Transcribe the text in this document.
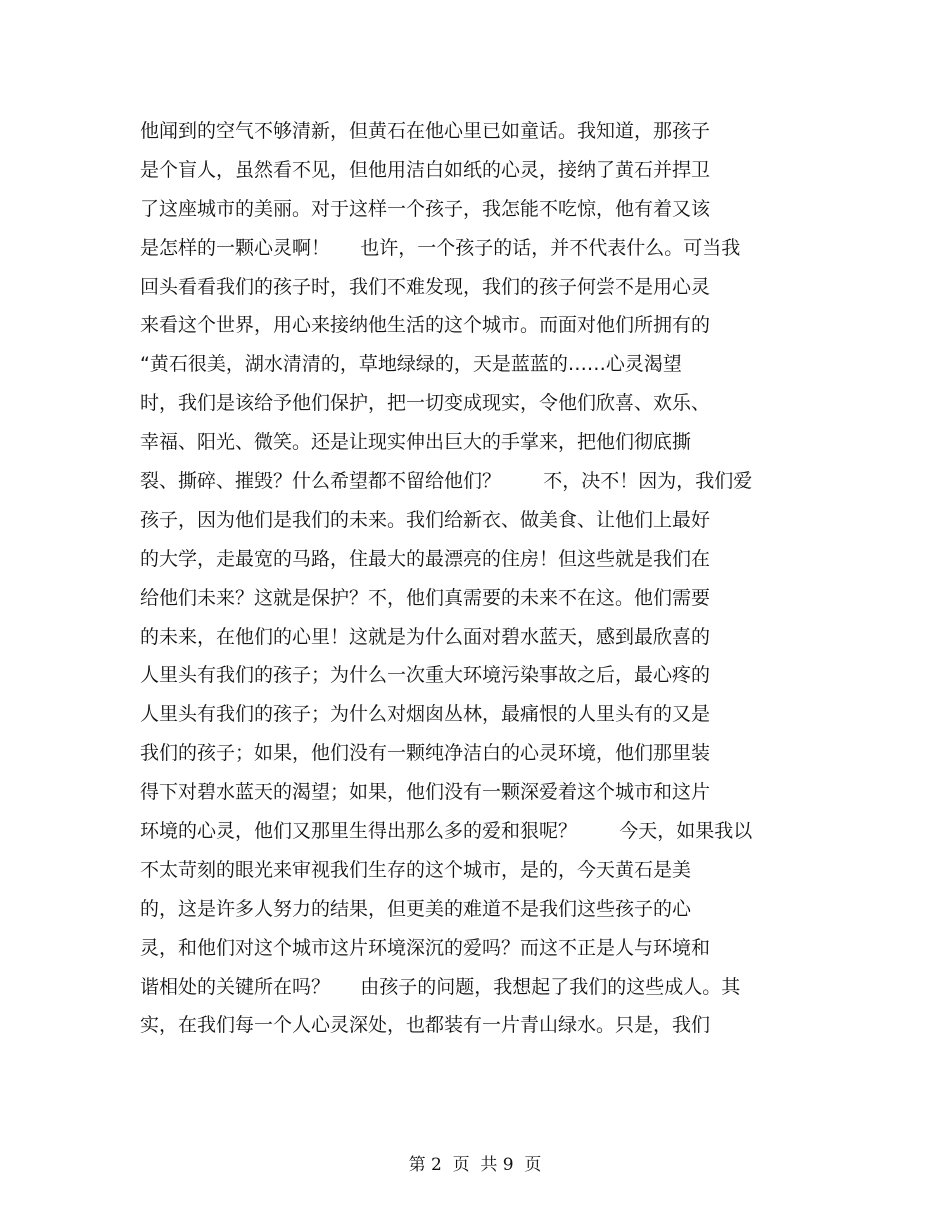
他闻到的空气不够清新，但黄石在他心里已如童话。我知道，那孩子
是个盲人，虽然看不见，但他用洁白如纸的心灵，接纳了黄石并捍卫
了这座城市的美丽。对于这样一个孩子，我怎能不吃惊，他有着又该
是怎样的一颗心灵啊！     也许，一个孩子的话，并不代表什么。可当我
回头看看我们的孩子时，我们不难发现，我们的孩子何尝不是用心灵
来看这个世界，用心来接纳他生活的这个城市。而面对他们所拥有的
“黄石很美，湖水清清的，草地绿绿的，天是蓝蓝的……心灵渴望
时，我们是该给予他们保护，把一切变成现实，令他们欣喜、欢乐、
幸福、阳光、微笑。还是让现实伸出巨大的手掌来，把他们彻底撕
裂、撕碎、摧毁？什么希望都不留给他们？       不，决不！因为，我们爱
孩子，因为他们是我们的未来。我们给新衣、做美食、让他们上最好
的大学，走最宽的马路，住最大的最漂亮的住房！但这些就是我们在
给他们未来？这就是保护？不，他们真需要的未来不在这。他们需要
的未来，在他们的心里！这就是为什么面对碧水蓝天，感到最欣喜的
人里头有我们的孩子；为什么一次重大环境污染事故之后，最心疼的
人里头有我们的孩子；为什么对烟囱丛林，最痛恨的人里头有的又是
我们的孩子；如果，他们没有一颗纯净洁白的心灵环境，他们那里装
得下对碧水蓝天的渴望；如果，他们没有一颗深爱着这个城市和这片
环境的心灵，他们又那里生得出那么多的爱和狠呢？       今天，如果我以
不太苛刻的眼光来审视我们生存的这个城市，是的，今天黄石是美
的，这是许多人努力的结果，但更美的难道不是我们这些孩子的心
灵，和他们对这个城市这片环境深沉的爱吗？而这不正是人与环境和
谐相处的关键所在吗？     由孩子的问题，我想起了我们的这些成人。其
实，在我们每一个人心灵深处，也都装有一片青山绿水。只是，我们
第 2  页  共 9  页
